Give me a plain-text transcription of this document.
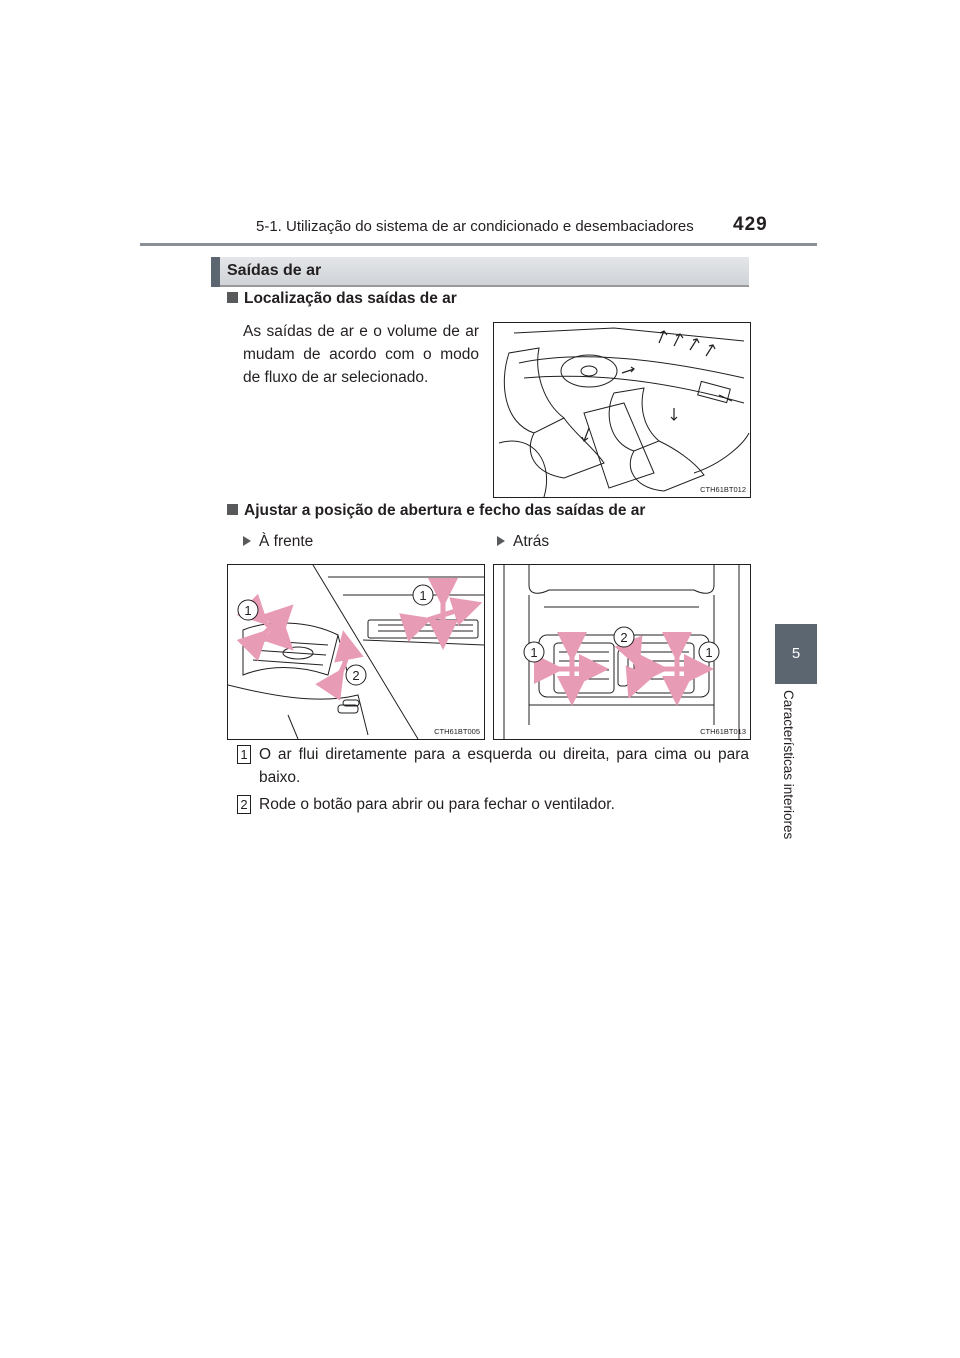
5-1. Utilização do sistema de ar condicionado e desembaciadores 429
5
Características interiores
Saídas de ar
Localização das saídas de ar
As saídas de ar e o volume de ar mudam de acordo com o modo de fluxo de ar selecionado.
CTH61BT012
Ajustar a posição de abertura e fecho das saídas de ar
À frente	Atrás
1
1
2
CTH61BT005
1	1
2
CTH61BT013
1 O ar flui diretamente para a esquerda ou direita, para cima ou para baixo.
2 Rode o botão para abrir ou para fechar o ventilador.
